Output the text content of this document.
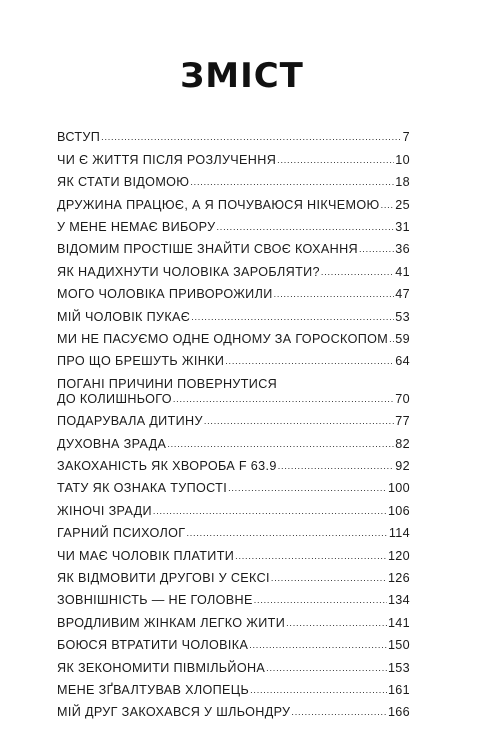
ЗМІСТ
ВСТУП .....	7
ЧИ Є ЖИТТЯ ПІСЛЯ РОЗЛУЧЕННЯ .....	10
ЯК СТАТИ ВІДОМОЮ .....	18
ДРУЖИНА ПРАЦЮЄ, А Я ПОЧУВАЮСЯ НІКЧЕМОЮ ..... 25
У МЕНЕ НЕМАЄ ВИБОРУ .....	31
ВІДОМИМ ПРОСТІШЕ ЗНАЙТИ СВОЄ КОХАННЯ .....	36
ЯК НАДИХНУТИ ЧОЛОВІКА ЗАРОБЛЯТИ? .....	41
МОГО ЧОЛОВІКА ПРИВОРОЖИЛИ .....	47
МІЙ ЧОЛОВІК ПУКАЄ .....	53
МИ НЕ ПАСУЄМО ОДНЕ ОДНОМУ ЗА ГОРОСКОПОМ ..... 59
ПРО ЩО БРЕШУТЬ ЖІНКИ .....	64
ПОГАНІ ПРИЧИНИ ПОВЕРНУТИСЯ
ДО КОЛИШНЬОГО .....	70
ПОДАРУВАЛА ДИТИНУ .....	77
ДУХОВНА ЗРАДА .....	82
ЗАКОХАНІСТЬ ЯК ХВОРОБА F 63.9 .....	92
ТАТУ ЯК ОЗНАКА ТУПОСТІ .....	100
ЖІНОЧІ ЗРАДИ .....	106
ГАРНИЙ ПСИХОЛОГ .....	114
ЧИ МАЄ ЧОЛОВІК ПЛАТИТИ .....	120
ЯК ВІДМОВИТИ ДРУГОВІ У СЕКСІ .....	126
ЗОВНІШНІСТЬ — НЕ ГОЛОВНЕ .....	134
ВРОДЛИВИМ ЖІНКАМ ЛЕГКО ЖИТИ .....	141
БОЮСЯ ВТРАТИТИ ЧОЛОВІКА .....	150
ЯК ЗЕКОНОМИТИ ПІВМІЛЬЙОНА .....	153
МЕНЕ ЗҐВАЛТУВАВ ХЛОПЕЦЬ .....	161
МІЙ ДРУГ ЗАКОХАВСЯ У ШЛЬОНДРУ .....	166
